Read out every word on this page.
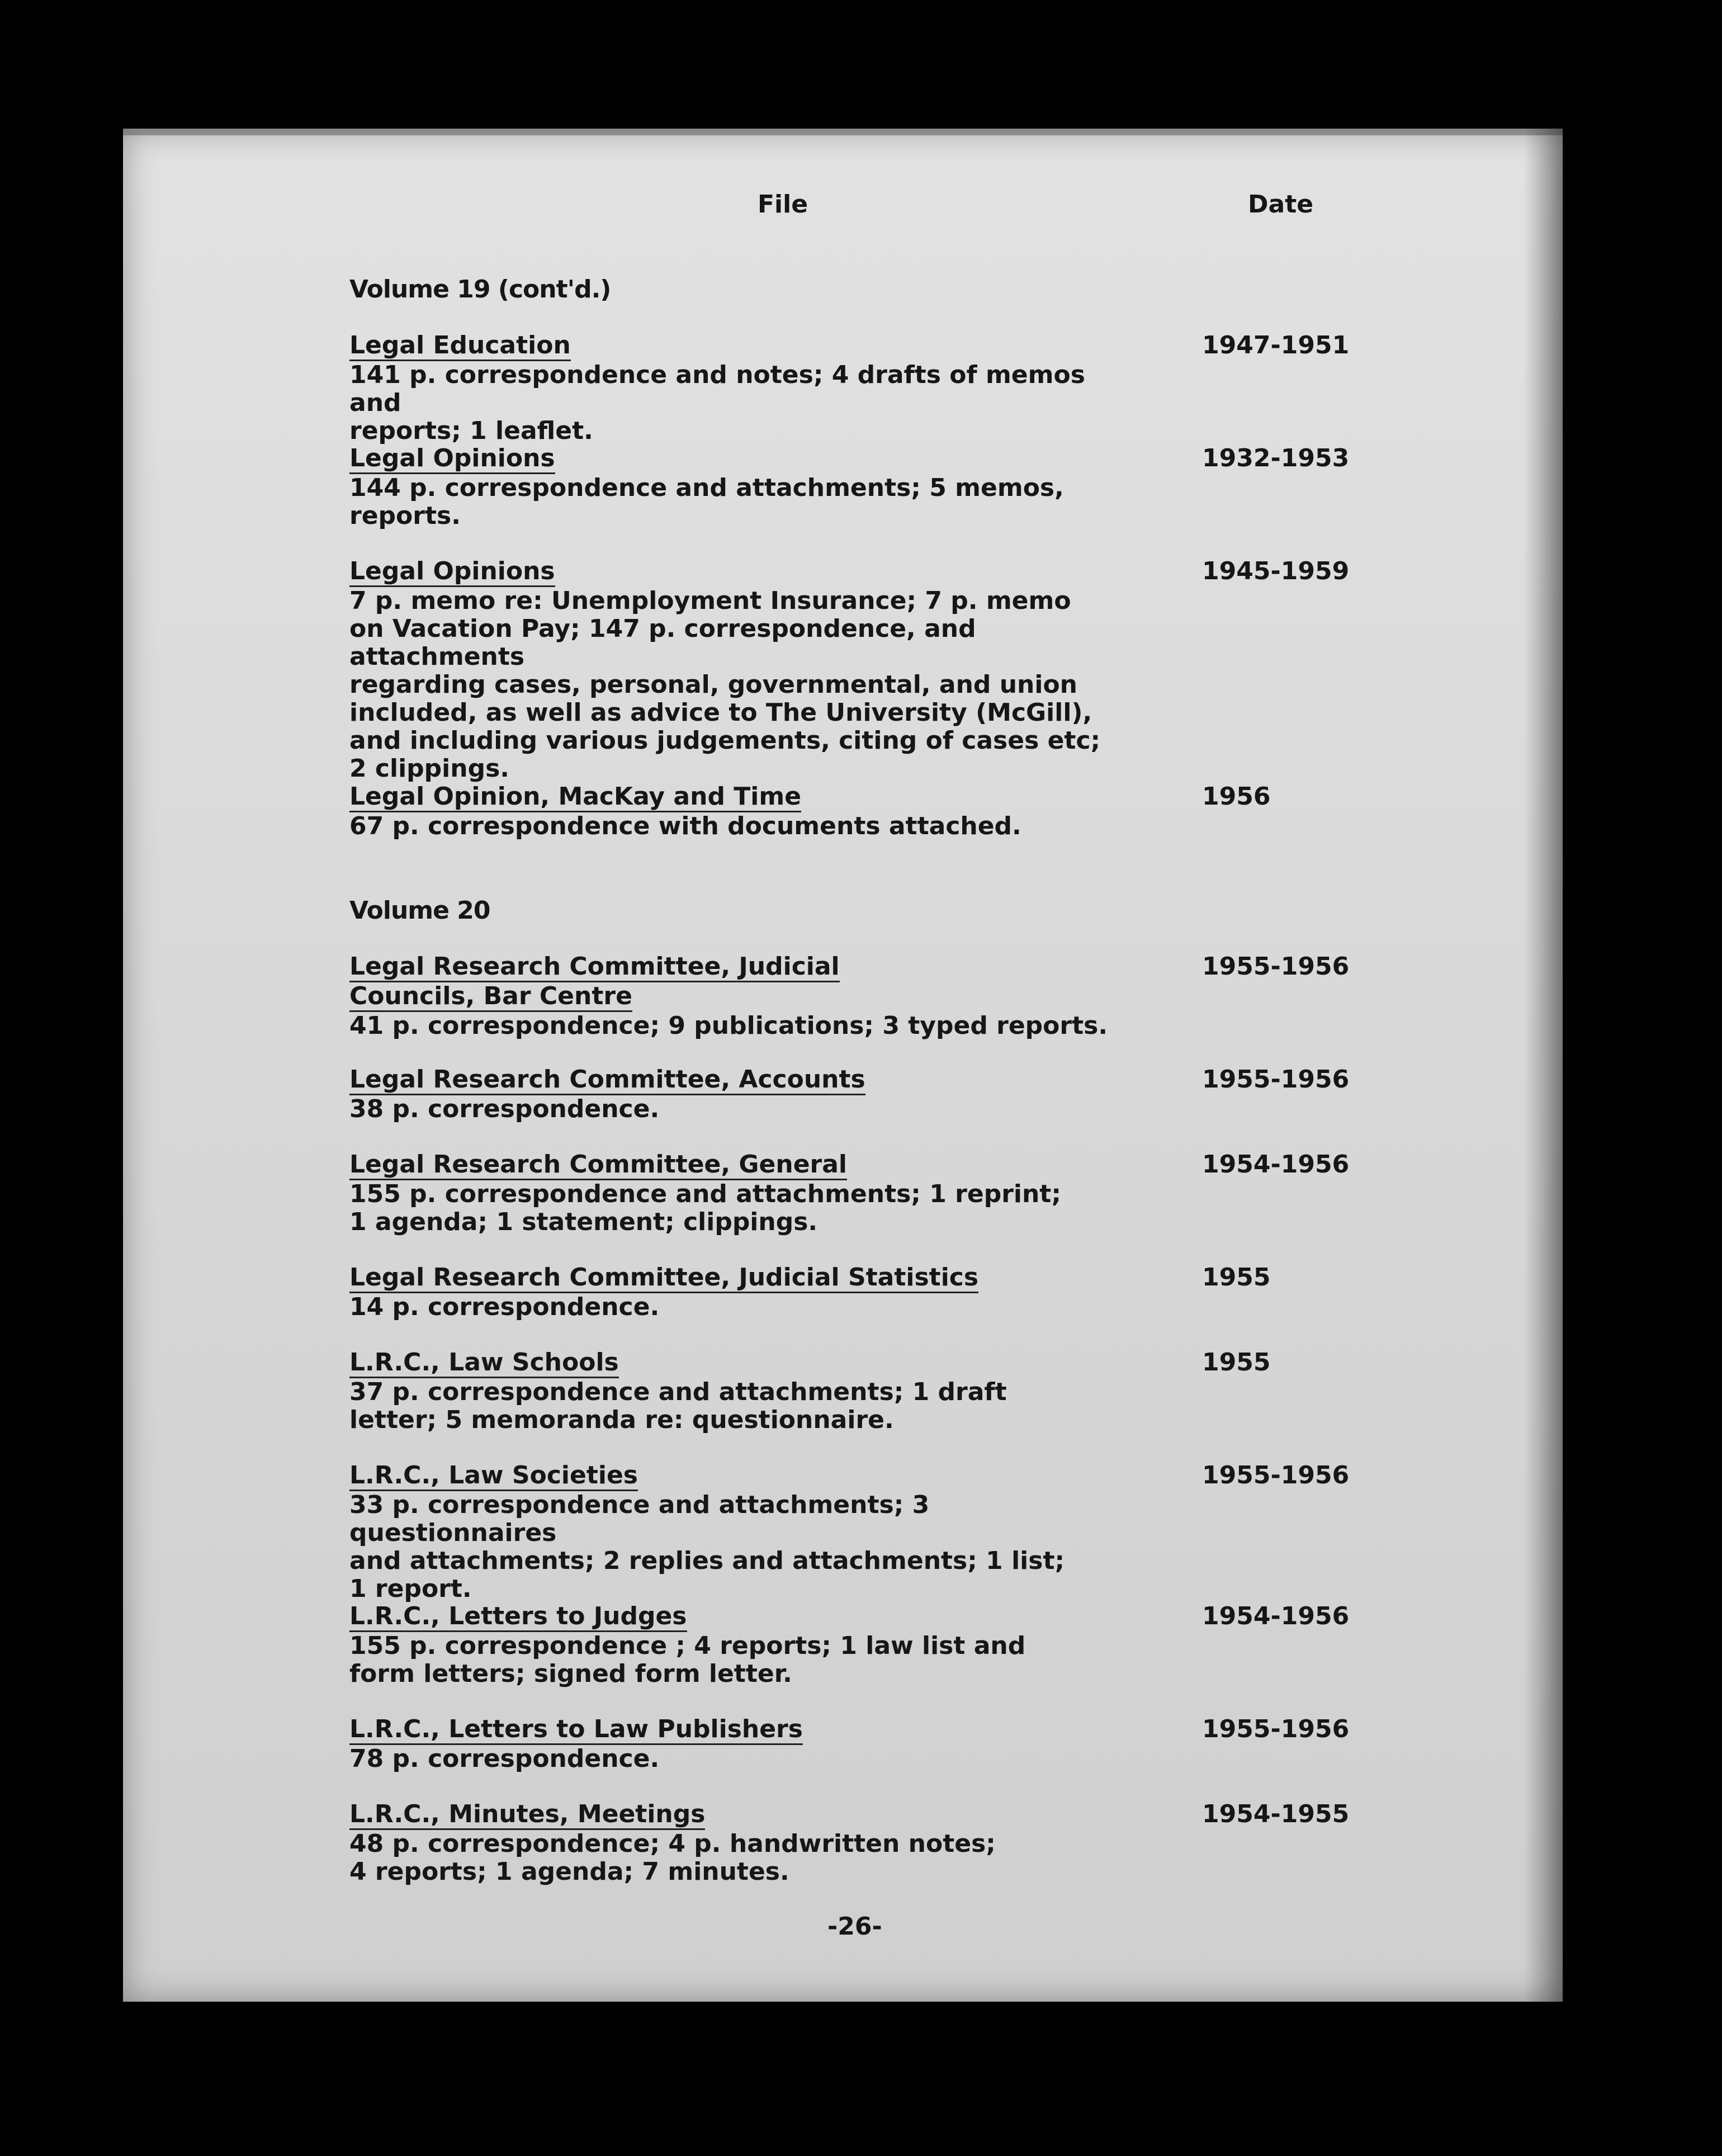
File	Date
Volume 19 (cont'd.)
Legal Education
141 p. correspondence and notes; 4 drafts of memos and
reports; 1 leaflet.
1947-1951
Legal Opinions
144 p. correspondence and attachments; 5 memos,
reports.
1932-1953
Legal Opinions
7 p. memo re: Unemployment Insurance; 7 p. memo
on Vacation Pay; 147 p. correspondence, and attachments
regarding cases, personal, governmental, and union
included, as well as advice to The University (McGill),
and including various judgements, citing of cases etc;
2 clippings.
1945-1959
Legal Opinion, MacKay and Time
67 p. correspondence with documents attached.
1956
Volume 20
Legal Research Committee, Judicial
Councils, Bar Centre
41 p. correspondence; 9 publications; 3 typed reports.
1955-1956
Legal Research Committee, Accounts
38 p. correspondence.
1955-1956
Legal Research Committee, General
155 p. correspondence and attachments; 1 reprint;
1 agenda; 1 statement; clippings.
1954-1956
Legal Research Committee, Judicial Statistics
14 p. correspondence.
1955
L.R.C., Law Schools
37 p. correspondence and attachments; 1 draft
letter; 5 memoranda re: questionnaire.
1955
L.R.C., Law Societies
33 p. correspondence and attachments; 3 questionnaires
and attachments; 2 replies and attachments; 1 list;
1 report.
1955-1956
L.R.C., Letters to Judges
155 p. correspondence ; 4 reports; 1 law list and
form letters; signed form letter.
1954-1956
L.R.C., Letters to Law Publishers
78 p. correspondence.
1955-1956
L.R.C., Minutes, Meetings
48 p. correspondence; 4 p. handwritten notes;
4 reports; 1 agenda; 7 minutes.
1954-1955
-26-
